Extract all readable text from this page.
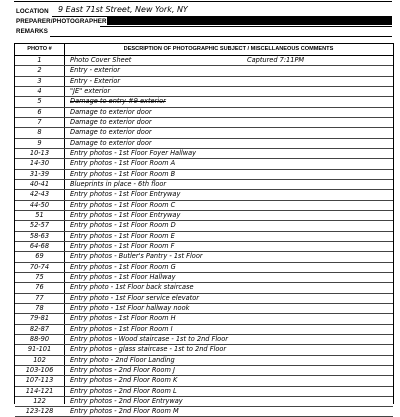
LOCATION 9 East 71st Street, New York, NY
PREPARER/PHOTOGRAPHER
REMARKS
PHOTO #	DESCRIPTION OF PHOTOGRAPHIC SUBJECT / MISCELLANEOUS COMMENTS
1	Photo Cover Sheet	Captured 7:11PM
2	Entry - exterior
3	Entry - Exterior
4	"JE" exterior
5	Damage to entry #9 exterior
6	Damage to exterior door
7	Damage to exterior door
8	Damage to exterior door
9	Damage to exterior door
10-13	Entry photos - 1st Floor Foyer Hallway
14-30	Entry photos - 1st Floor Room A
31-39	Entry photos - 1st Floor Room B
40-41	Blueprints in place - 6th floor
42-43	Entry photos - 1st Floor Entryway
44-50	Entry photos - 1st Floor Room C
51	Entry photos - 1st Floor Entryway
52-57	Entry photos - 1st Floor Room D
58-63	Entry photos - 1st Floor Room E
64-68	Entry photos - 1st Floor Room F
69	Entry photos - Butler's Pantry - 1st Floor
70-74	Entry photos - 1st Floor Room G
75	Entry photos - 1st Floor Hallway
76	Entry photo - 1st Floor back staircase
77	Entry photo - 1st Floor service elevator
78	Entry photo - 1st Floor hallway nook
79-81	Entry photos - 1st Floor Room H
82-87	Entry photos - 1st Floor Room I
88-90	Entry photos - Wood staircase - 1st to 2nd Floor
91-101	Entry photos - glass staircase - 1st to 2nd Floor
102	Entry photo - 2nd Floor Landing
103-106	Entry photos - 2nd Floor Room J
107-113	Entry photos - 2nd Floor Room K
114-121	Entry photos - 2nd Floor Room L
122	Entry photos - 2nd Floor Entryway
123-128	Entry photos - 2nd Floor Room M
